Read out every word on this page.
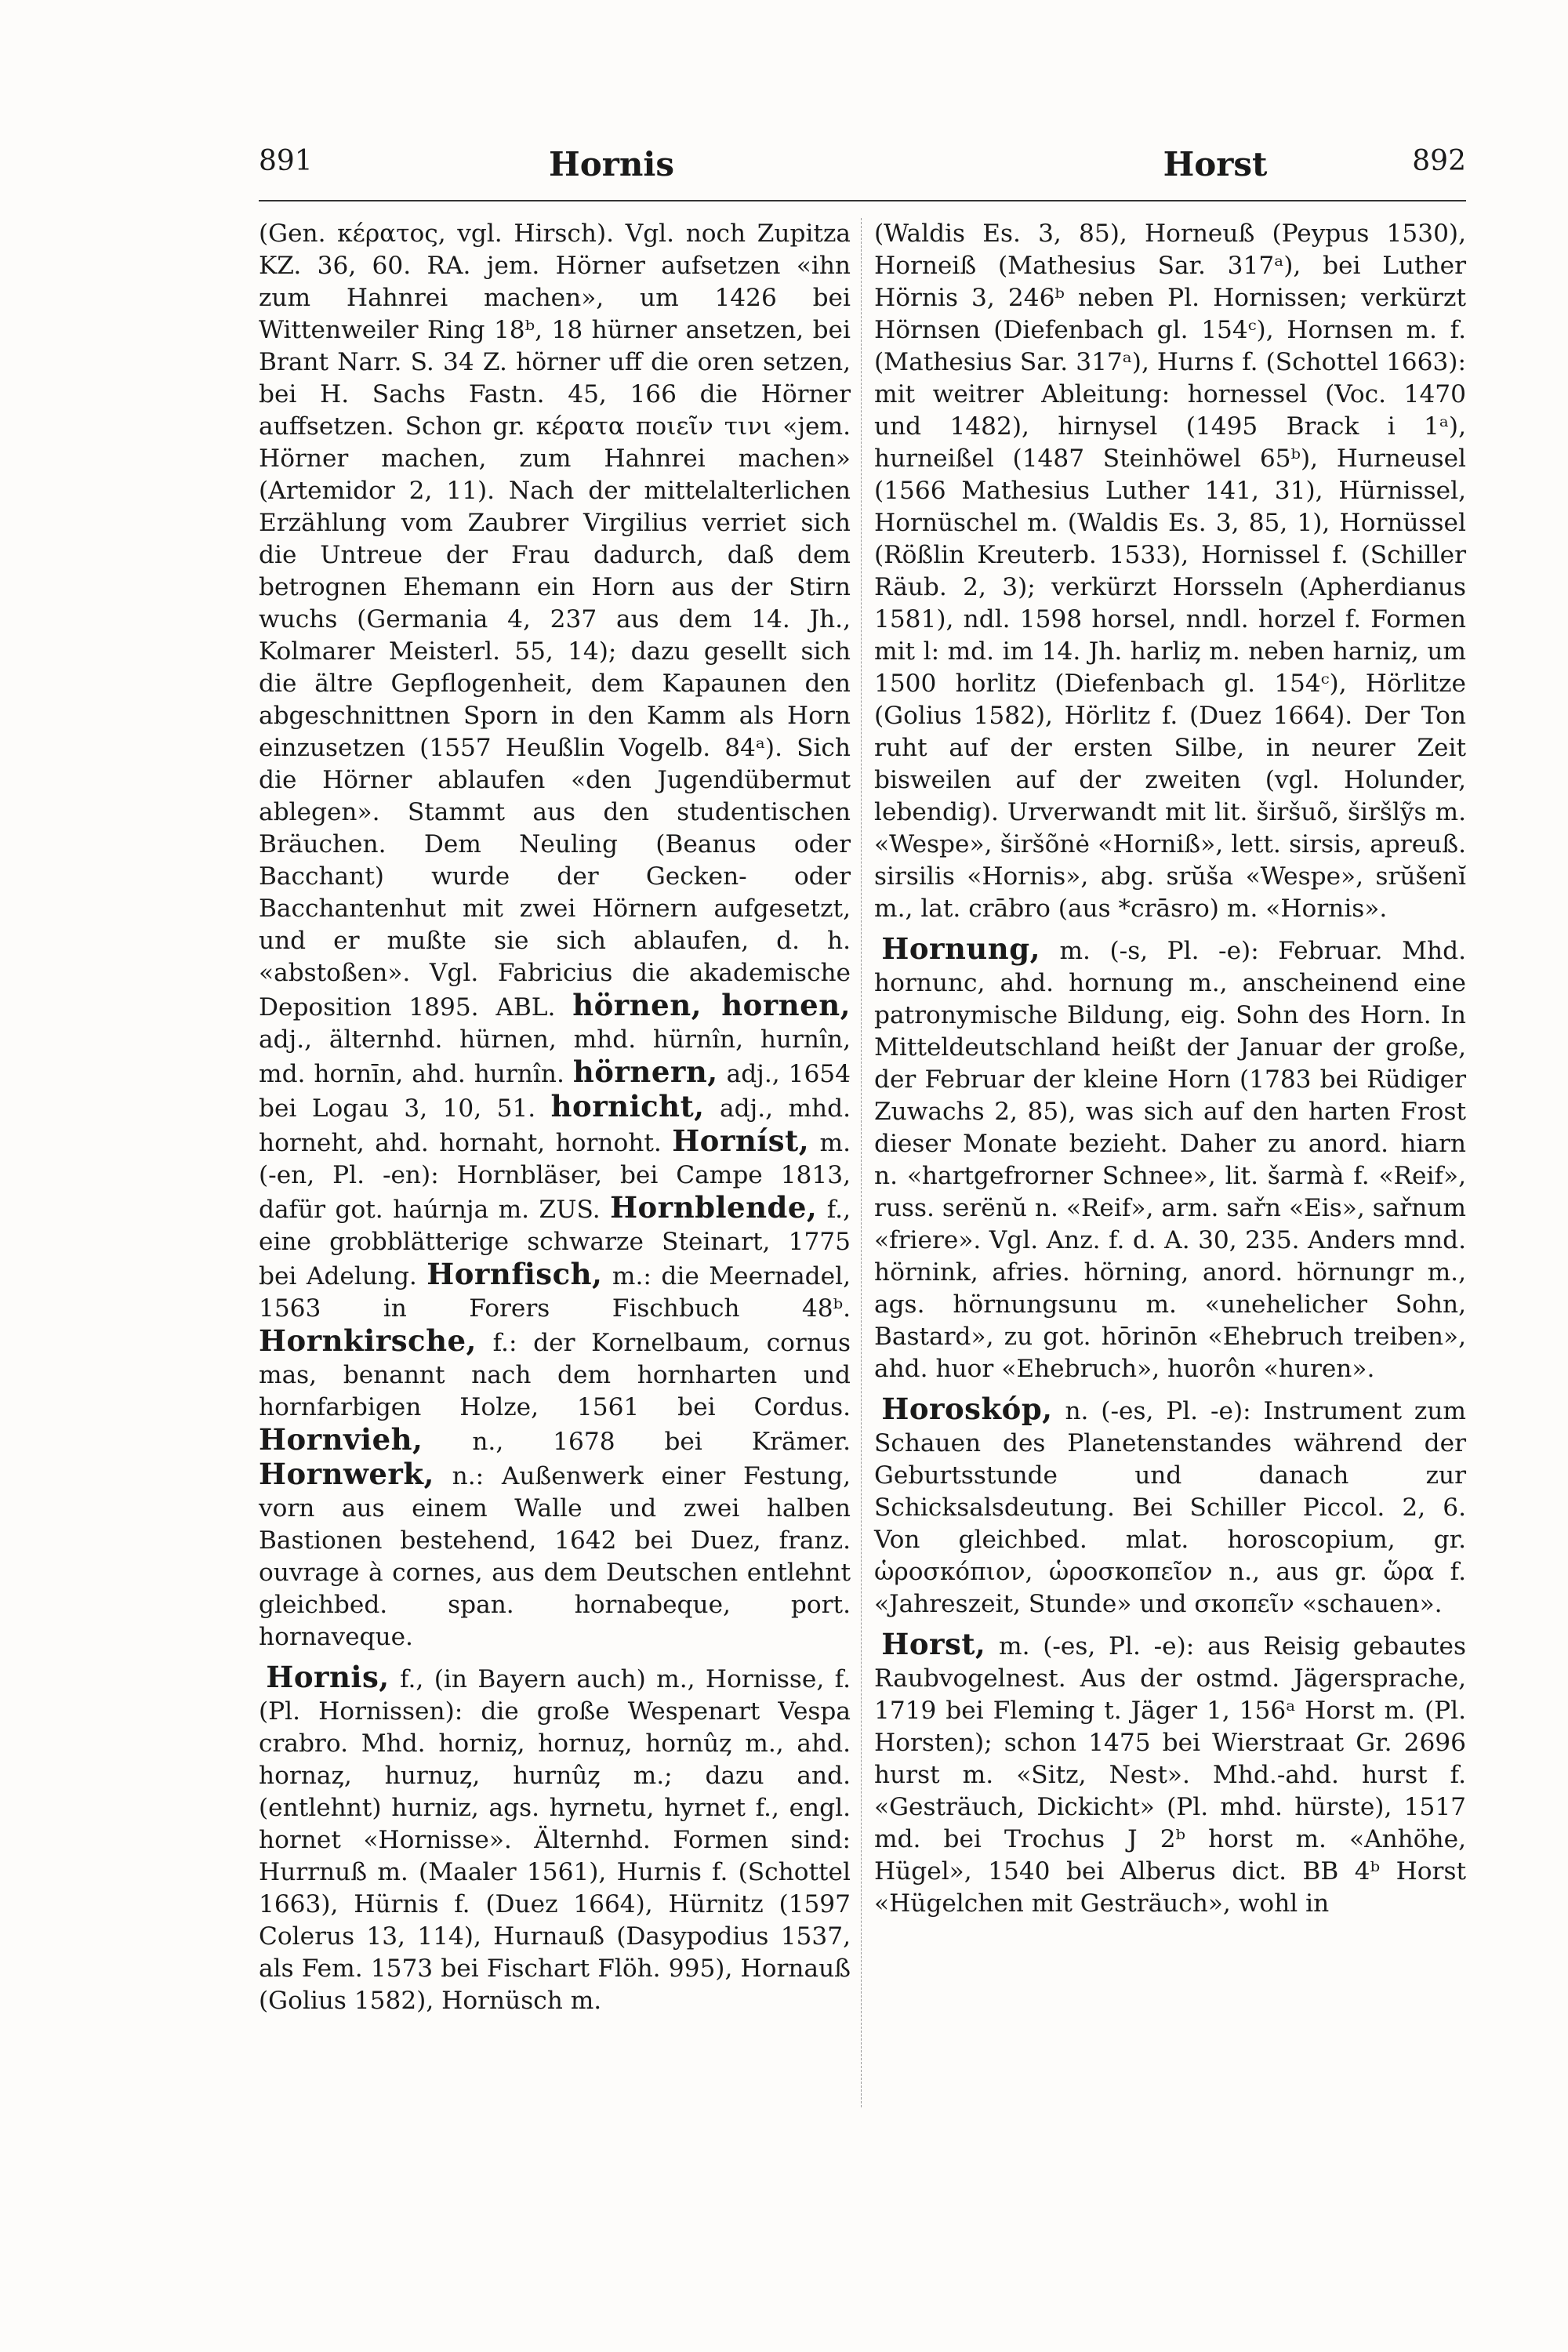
891	Hornis	Horst	892

(Gen. κέρατος, vgl. Hirsch). Vgl. noch Zupitza KZ. 36, 60. RA. jem. Hörner aufsetzen «ihn zum Hahnrei machen», um 1426 bei Wittenweiler Ring 18ᵇ, 18 hürner ansetzen, bei Brant Narr. S. 34 Z. hörner uff die oren setzen, bei H. Sachs Fastn. 45, 166 die Hörner auffsetzen. Schon gr. κέρατα ποιεῖν τινι «jem. Hörner machen, zum Hahnrei machen» (Artemidor 2, 11). Nach der mittelalterlichen Erzählung vom Zaubrer Virgilius verriet sich die Untreue der Frau dadurch, daß dem betrognen Ehemann ein Horn aus der Stirn wuchs (Germania 4, 237 aus dem 14. Jh., Kolmarer Meisterl. 55, 14); dazu gesellt sich die ältre Gepflogenheit, dem Kapaunen den abgeschnittnen Sporn in den Kamm als Horn einzusetzen (1557 Heußlin Vogelb. 84ᵃ). Sich die Hörner ablaufen «den Jugendübermut ablegen». Stammt aus den studentischen Bräuchen. Dem Neuling (Beanus oder Bacchant) wurde der Gecken- oder Bacchantenhut mit zwei Hörnern aufgesetzt, und er mußte sie sich ablaufen, d. h. «abstoßen». Vgl. Fabricius die akademische Deposition 1895. ABL. hörnen, hornen, adj., älternhd. hürnen, mhd. hürnîn, hurnîn, md. hornīn, ahd. hurnîn. hörnern, adj., 1654 bei Logau 3, 10, 51. hornicht, adj., mhd. horneht, ahd. hornaht, hornoht. Horníst, m. (-en, Pl. -en): Hornbläser, bei Campe 1813, dafür got. haúrnja m. ZUS. Hornblende, f., eine grobblätterige schwarze Steinart, 1775 bei Adelung. Hornfisch, m.: die Meernadel, 1563 in Forers Fischbuch 48ᵇ. Hornkirsche, f.: der Kornelbaum, cornus mas, benannt nach dem hornharten und hornfarbigen Holze, 1561 bei Cordus. Hornvieh, n., 1678 bei Krämer. Hornwerk, n.: Außenwerk einer Festung, vorn aus einem Walle und zwei halben Bastionen bestehend, 1642 bei Duez, franz. ouvrage à cornes, aus dem Deutschen entlehnt gleichbed. span. hornabeque, port. hornaveque.

Hornis, f., (in Bayern auch) m., Hornisse, f. (Pl. Hornissen): die große Wespenart Vespa crabro. Mhd. horniȥ, hornuȥ, hornûȥ m., ahd. hornaȥ, hurnuȥ, hurnûȥ m.; dazu and. (entlehnt) hurniz, ags. hyrnetu, hyrnet f., engl. hornet «Hornisse». Älternhd. Formen sind: Hurrnuß m. (Maaler 1561), Hurnis f. (Schottel 1663), Hürnis f. (Duez 1664), Hürnitz (1597 Colerus 13, 114), Hurnauß (Dasypodius 1537, als Fem. 1573 bei Fischart Flöh. 995), Hornauß (Golius 1582), Hornüsch m.

(Waldis Es. 3, 85), Horneuß (Peypus 1530), Horneiß (Mathesius Sar. 317ᵃ), bei Luther Hörnis 3, 246ᵇ neben Pl. Hornissen; verkürzt Hörnsen (Diefenbach gl. 154ᶜ), Hornsen m. f. (Mathesius Sar. 317ᵃ), Hurns f. (Schottel 1663): mit weitrer Ableitung: hornessel (Voc. 1470 und 1482), hirnysel (1495 Brack i 1ᵃ), hurneißel (1487 Steinhöwel 65ᵇ), Hurneusel (1566 Mathesius Luther 141, 31), Hürnissel, Hornüschel m. (Waldis Es. 3, 85, 1), Hornüssel (Rößlin Kreuterb. 1533), Hornissel f. (Schiller Räub. 2, 3); verkürzt Horsseln (Apherdianus 1581), ndl. 1598 horsel, nndl. horzel f. Formen mit l: md. im 14. Jh. harliȥ m. neben harniȥ, um 1500 horlitz (Diefenbach gl. 154ᶜ), Hörlitze (Golius 1582), Hörlitz f. (Duez 1664). Der Ton ruht auf der ersten Silbe, in neurer Zeit bisweilen auf der zweiten (vgl. Holunder, lebendig). Urverwandt mit lit. širšuõ, širšlỹs m. «Wespe», širšõnė «Horniß», lett. sirsis, apreuß. sirsilis «Hornis», abg. srŭša «Wespe», srŭšenĭ m., lat. crābro (aus *crāsro) m. «Hornis».

Hornung, m. (-s, Pl. -e): Februar. Mhd. hornunc, ahd. hornung m., anscheinend eine patronymische Bildung, eig. Sohn des Horn. In Mitteldeutschland heißt der Januar der große, der Februar der kleine Horn (1783 bei Rüdiger Zuwachs 2, 85), was sich auf den harten Frost dieser Monate bezieht. Daher zu anord. hiarn n. «hartgefrorner Schnee», lit. šarmà f. «Reif», russ. serënŭ n. «Reif», arm. sařn «Eis», sařnum «friere». Vgl. Anz. f. d. A. 30, 235. Anders mnd. hörnink, afries. hörning, anord. hörnungr m., ags. hörnungsunu m. «unehelicher Sohn, Bastard», zu got. hōrinōn «Ehebruch treiben», ahd. huor «Ehebruch», huorôn «huren».

Horoskóp, n. (-es, Pl. -e): Instrument zum Schauen des Planetenstandes während der Geburtsstunde und danach zur Schicksalsdeutung. Bei Schiller Piccol. 2, 6. Von gleichbed. mlat. horoscopium, gr. ὡροσκόπιον, ὡροσκοπεῖον n., aus gr. ὥρα f. «Jahreszeit, Stunde» und σκοπεῖν «schauen».

Horst, m. (-es, Pl. -e): aus Reisig gebautes Raubvogelnest. Aus der ostmd. Jägersprache, 1719 bei Fleming t. Jäger 1, 156ᵃ Horst m. (Pl. Horsten); schon 1475 bei Wierstraat Gr. 2696 hurst m. «Sitz, Nest». Mhd.-ahd. hurst f. «Gesträuch, Dickicht» (Pl. mhd. hürste), 1517 md. bei Trochus J 2ᵇ horst m. «Anhöhe, Hügel», 1540 bei Alberus dict. BB 4ᵇ Horst «Hügelchen mit Gesträuch», wohl in
